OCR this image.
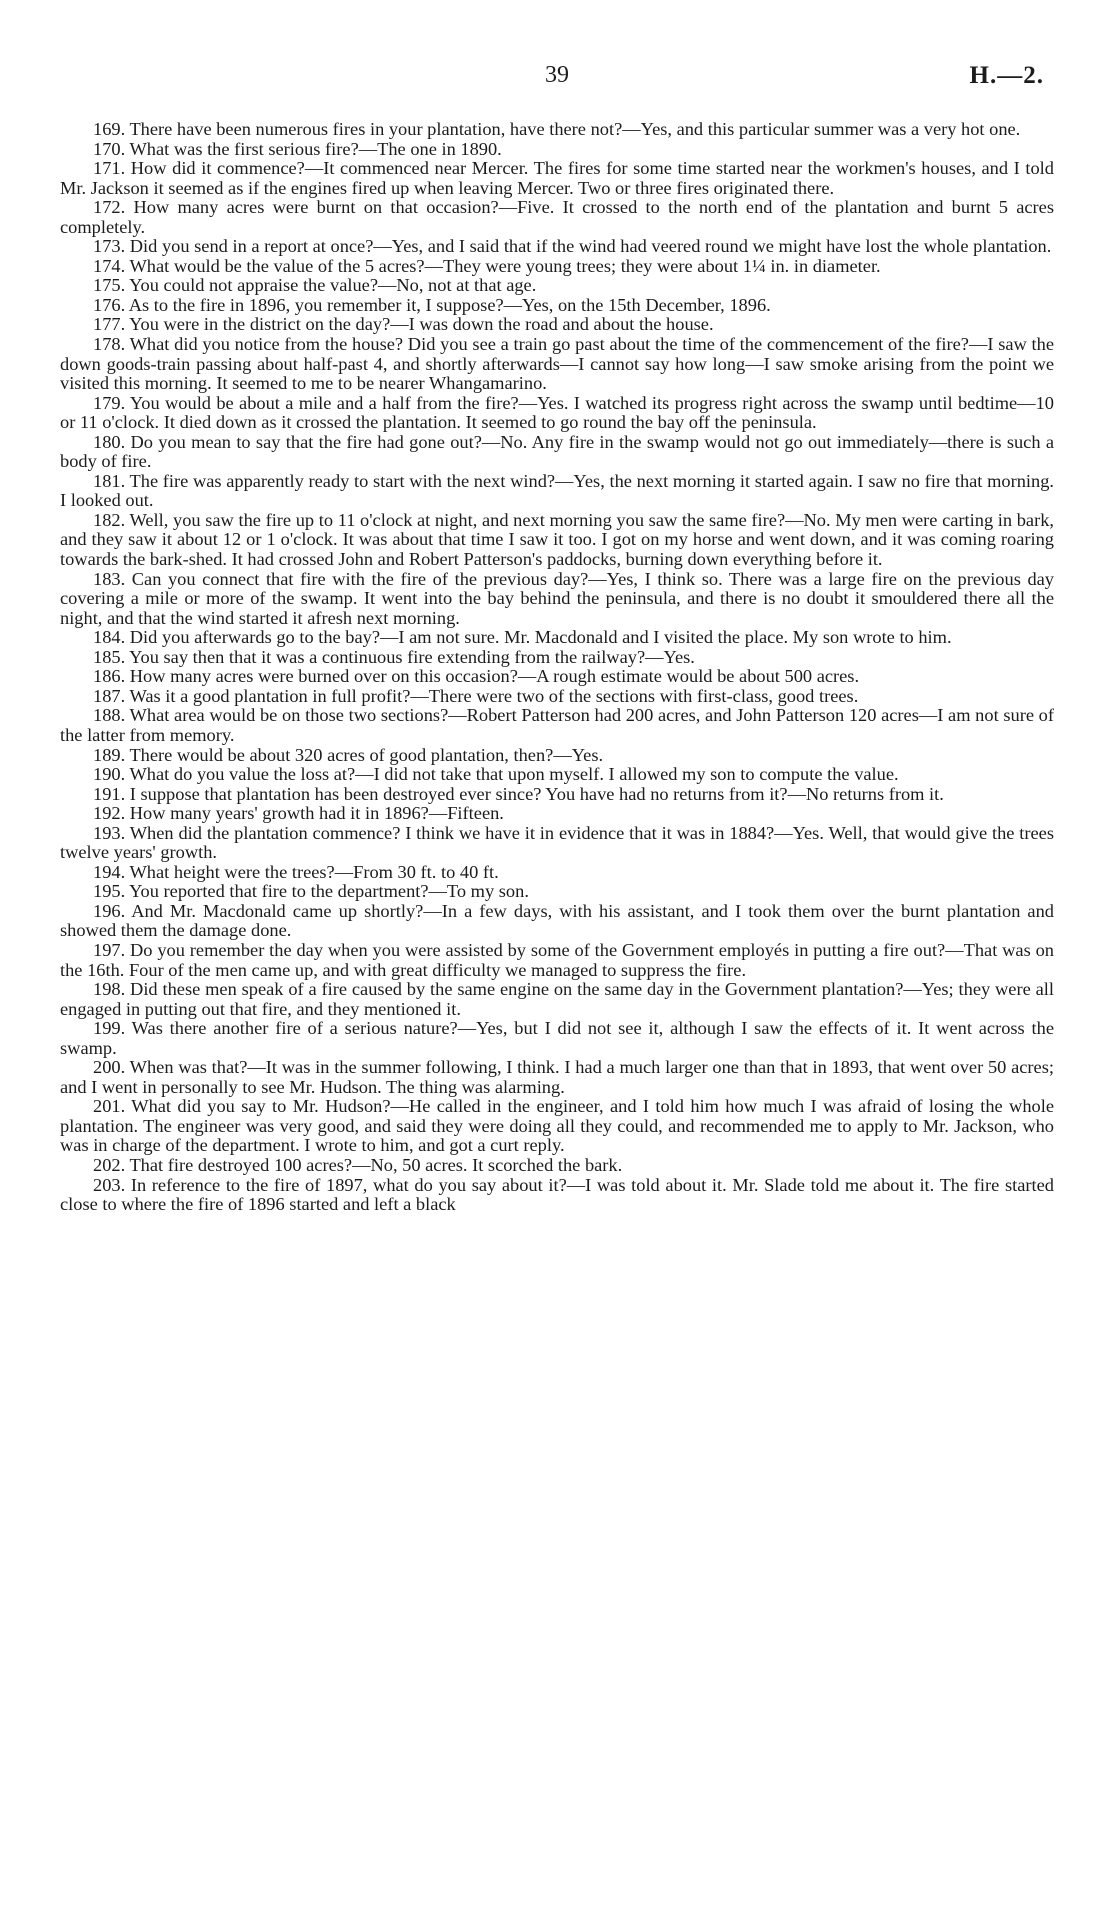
39	H.—2.

169. There have been numerous fires in your plantation, have there not?—Yes, and this particular summer was a very hot one.

170. What was the first serious fire?—The one in 1890.

171. How did it commence?—It commenced near Mercer. The fires for some time started near the workmen's houses, and I told Mr. Jackson it seemed as if the engines fired up when leaving Mercer. Two or three fires originated there.

172. How many acres were burnt on that occasion?—Five. It crossed to the north end of the plantation and burnt 5 acres completely.

173. Did you send in a report at once?—Yes, and I said that if the wind had veered round we might have lost the whole plantation.

174. What would be the value of the 5 acres?—They were young trees; they were about 1¼ in. in diameter.

175. You could not appraise the value?—No, not at that age.

176. As to the fire in 1896, you remember it, I suppose?—Yes, on the 15th December, 1896.

177. You were in the district on the day?—I was down the road and about the house.

178. What did you notice from the house? Did you see a train go past about the time of the commencement of the fire?—I saw the down goods-train passing about half-past 4, and shortly afterwards—I cannot say how long—I saw smoke arising from the point we visited this morning. It seemed to me to be nearer Whangamarino.

179. You would be about a mile and a half from the fire?—Yes. I watched its progress right across the swamp until bedtime—10 or 11 o'clock. It died down as it crossed the plantation. It seemed to go round the bay off the peninsula.

180. Do you mean to say that the fire had gone out?—No. Any fire in the swamp would not go out immediately—there is such a body of fire.

181. The fire was apparently ready to start with the next wind?—Yes, the next morning it started again. I saw no fire that morning. I looked out.

182. Well, you saw the fire up to 11 o'clock at night, and next morning you saw the same fire?—No. My men were carting in bark, and they saw it about 12 or 1 o'clock. It was about that time I saw it too. I got on my horse and went down, and it was coming roaring towards the bark-shed. It had crossed John and Robert Patterson's paddocks, burning down everything before it.

183. Can you connect that fire with the fire of the previous day?—Yes, I think so. There was a large fire on the previous day covering a mile or more of the swamp. It went into the bay behind the peninsula, and there is no doubt it smouldered there all the night, and that the wind started it afresh next morning.

184. Did you afterwards go to the bay?—I am not sure. Mr. Macdonald and I visited the place. My son wrote to him.

185. You say then that it was a continuous fire extending from the railway?—Yes.

186. How many acres were burned over on this occasion?—A rough estimate would be about 500 acres.

187. Was it a good plantation in full profit?—There were two of the sections with first-class, good trees.

188. What area would be on those two sections?—Robert Patterson had 200 acres, and John Patterson 120 acres—I am not sure of the latter from memory.

189. There would be about 320 acres of good plantation, then?—Yes.

190. What do you value the loss at?—I did not take that upon myself. I allowed my son to compute the value.

191. I suppose that plantation has been destroyed ever since? You have had no returns from it?—No returns from it.

192. How many years' growth had it in 1896?—Fifteen.

193. When did the plantation commence? I think we have it in evidence that it was in 1884?—Yes. Well, that would give the trees twelve years' growth.

194. What height were the trees?—From 30 ft. to 40 ft.

195. You reported that fire to the department?—To my son.

196. And Mr. Macdonald came up shortly?—In a few days, with his assistant, and I took them over the burnt plantation and showed them the damage done.

197. Do you remember the day when you were assisted by some of the Government employés in putting a fire out?—That was on the 16th. Four of the men came up, and with great difficulty we managed to suppress the fire.

198. Did these men speak of a fire caused by the same engine on the same day in the Government plantation?—Yes; they were all engaged in putting out that fire, and they mentioned it.

199. Was there another fire of a serious nature?—Yes, but I did not see it, although I saw the effects of it. It went across the swamp.

200. When was that?—It was in the summer following, I think. I had a much larger one than that in 1893, that went over 50 acres; and I went in personally to see Mr. Hudson. The thing was alarming.

201. What did you say to Mr. Hudson?—He called in the engineer, and I told him how much I was afraid of losing the whole plantation. The engineer was very good, and said they were doing all they could, and recommended me to apply to Mr. Jackson, who was in charge of the department. I wrote to him, and got a curt reply.

202. That fire destroyed 100 acres?—No, 50 acres. It scorched the bark.

203. In reference to the fire of 1897, what do you say about it?—I was told about it. Mr. Slade told me about it. The fire started close to where the fire of 1896 started and left a black
